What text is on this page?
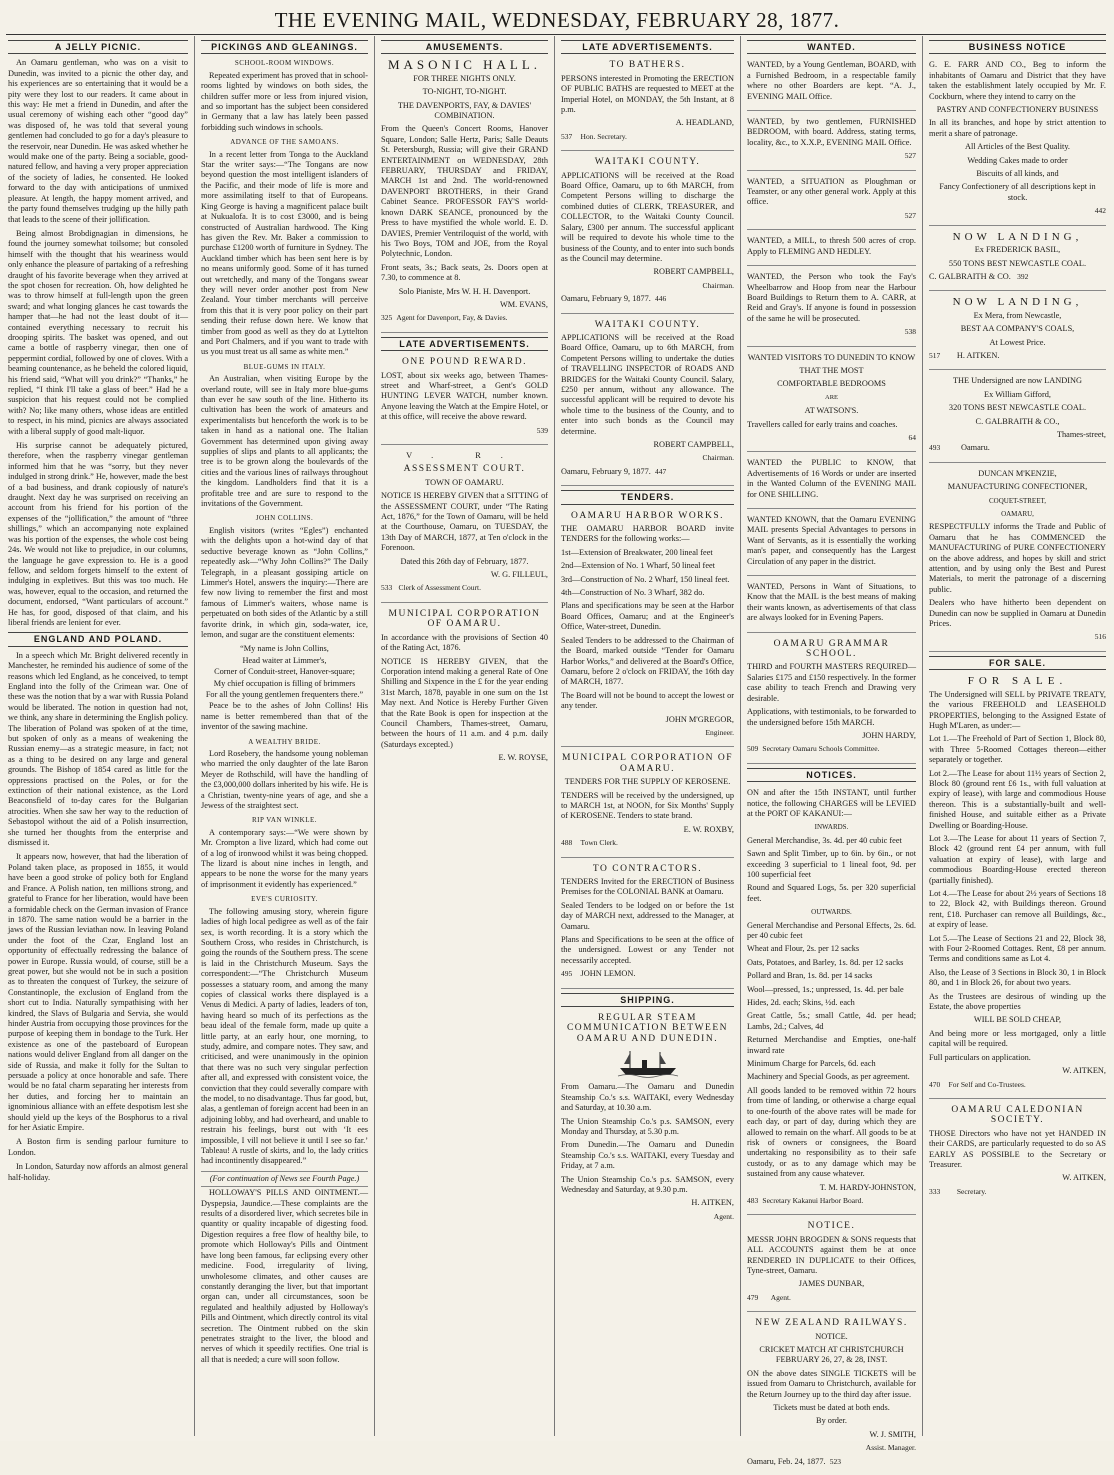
THE EVENING MAIL, WEDNESDAY, FEBRUARY 28, 1877.
A JELLY PICNIC.

An Oamaru gentleman, who was on a visit to Dunedin, was invited to a picnic the other day, and his experiences are so entertaining that it would be a pity were they lost to our readers. It came about in this way: He met a friend in Dunedin, and after the usual ceremony of wishing each other “good day” was disposed of, he was told that several young gentlemen had concluded to go for a day's pleasure to the reservoir, near Dunedin. He was asked whether he would make one of the party. Being a sociable, good-natured fellow, and having a very proper appreciation of the society of ladies, he consented. He looked forward to the day with anticipations of unmixed pleasure. At length, the happy moment arrived, and the party found themselves trudging up the hilly path that leads to the scene of their jollification.

Being almost Brobdignagian in dimensions, he found the journey somewhat toilsome; but consoled himself with the thought that his weariness would only enhance the pleasure of partaking of a refreshing draught of his favorite beverage when they arrived at the spot chosen for recreation. Oh, how delighted he was to throw himself at full-length upon the green sward; and what longing glances he cast towards the hamper that—he had not the least doubt of it—contained everything necessary to recruit his drooping spirits. The basket was opened, and out came a bottle of raspberry vinegar, then one of peppermint cordial, followed by one of cloves. With a beaming countenance, as he beheld the colored liquid, his friend said, “What will you drink?” “Thanks,” he replied, “I think I'll take a glass of beer.” Had he a suspicion that his request could not be complied with? No; like many others, whose ideas are entitled to respect, in his mind, picnics are always associated with a liberal supply of good malt-liquor.

His surprise cannot be adequately pictured, therefore, when the raspberry vinegar gentleman informed him that he was “sorry, but they never indulged in strong drink.” He, however, made the best of a bad business, and drank copiously of nature's draught. Next day he was surprised on receiving an account from his friend for his portion of the expenses of the “jollification,” the amount of “three shillings,” which an accompanying note explained was his portion of the expenses, the whole cost being 24s. We would not like to prejudice, in our columns, the language he gave expression to. He is a good fellow, and seldom forgets himself to the extent of indulging in expletives. But this was too much. He was, however, equal to the occasion, and returned the document, endorsed, “Want particulars of account.” He has, for good, disposed of that claim, and his liberal friends are lenient for ever.

ENGLAND AND POLAND.

In a speech which Mr. Bright delivered recently in Manchester, he reminded his audience of some of the reasons which led England, as he conceived, to tempt England into the folly of the Crimean war. One of these was the notion that by a war with Russia Poland would be liberated. The notion in question had not, we think, any share in determining the English policy. The liberation of Poland was spoken of at the time, but spoken of only as a means of weakening the Russian enemy—as a strategic measure, in fact; not as a thing to be desired on any large and general grounds. The Bishop of 1854 cared as little for the oppressions practised on the Poles, or for the extinction of their national existence, as the Lord Beaconsfield of to-day cares for the Bulgarian atrocities. When she saw her way to the reduction of Sebastopol without the aid of a Polish insurrection, she turned her thoughts from the enterprise and dismissed it.

It appears now, however, that had the liberation of Poland taken place, as proposed in 1855, it would have been a good stroke of policy both for England and France. A Polish nation, ten millions strong, and grateful to France for her liberation, would have been a formidable check on the German invasion of France in 1870. The same nation would be a barrier in the jaws of the Russian leviathan now. In leaving Poland under the foot of the Czar, England lost an opportunity of effectually redressing the balance of power in Europe. Russia would, of course, still be a great power, but she would not be in such a position as to threaten the conquest of Turkey, the seizure of Constantinople, the exclusion of England from the short cut to India. Naturally sympathising with her kindred, the Slavs of Bulgaria and Servia, she would hinder Austria from occupying those provinces for the purpose of keeping them in bondage to the Turk. Her existence as one of the pasteboard of European nations would deliver England from all danger on the side of Russia, and make it folly for the Sultan to persuade a policy at once honorable and safe. There would be no fatal charm separating her interests from her duties, and forcing her to maintain an ignominious alliance with an effete despotism lest she should yield up the keys of the Bosphorus to a rival for her Asiatic Empire.

A Boston firm is sending parlour furniture to London.

In London, Saturday now affords an almost general half-holiday.

PICKINGS AND GLEANINGS.
SCHOOL-ROOM WINDOWS.

Repeated experiment has proved that in school-rooms lighted by windows on both sides, the children suffer more or less from injured vision, and so important has the subject been considered in Germany that a law has lately been passed forbidding such windows in schools.

ADVANCE OF THE SAMOANS.

In a recent letter from Tonga to the Auckland Star the writer says:—“The Tongans are now beyond question the most intelligent islanders of the Pacific, and their mode of life is more and more assimilating itself to that of Europeans. King George is having a magnificent palace built at Nukualofa. It is to cost £3000, and is being constructed of Australian hardwood. The King has given the Rev. Mr. Baker a commission to purchase £1200 worth of furniture in Sydney. The Auckland timber which has been sent here is by no means uniformly good. Some of it has turned out wretchedly, and many of the Tongans swear they will never order another post from New Zealand. Your timber merchants will perceive from this that it is very poor policy on their part sending their refuse down here. We know that timber from good as well as they do at Lyttelton and Port Chalmers, and if you want to trade with us you must treat us all same as white men.”

BLUE-GUMS IN ITALY.

An Australian, when visiting Europe by the overland route, will see in Italy more blue-gums than ever he saw south of the line. Hitherto its cultivation has been the work of amateurs and experimentalists but henceforth the work is to be taken in hand as a national one. The Italian Government has determined upon giving away supplies of slips and plants to all applicants; the tree is to be grown along the boulevards of the cities and the various lines of railways throughout the kingdom. Landholders find that it is a profitable tree and are sure to respond to the invitations of the Government.

JOHN COLLINS.

English visitors (writes “Egles”) enchanted with the delights upon a hot-wind day of that seductive beverage known as “John Collins,” repeatedly ask—“Why John Collins?” The Daily Telegraph, in a pleasant gossiping article on Limmer's Hotel, answers the inquiry:—There are few now living to remember the first and most famous of Limmer's waiters, whose name is perpetuated on both sides of the Atlantic by a still favorite drink, in which gin, soda-water, ice, lemon, and sugar are the constituent elements:

“My name is John Collins,

Head waiter at Limmer's,

Corner of Conduit-street, Hanover-square;

My chief occupation is filling of brimmers

For all the young gentlemen frequenters there.”

Peace be to the ashes of John Collins! His name is better remembered than that of the inventor of the sawing machine.

A WEALTHY BRIDE.

Lord Rosebery, the handsome young nobleman who married the only daughter of the late Baron Meyer de Rothschild, will have the handling of the £3,000,000 dollars inherited by his wife. He is a Christian, twenty-nine years of age, and she a Jewess of the straightest sect.

RIP VAN WINKLE.

A contemporary says:—“We were shown by Mr. Crompton a live lizard, which had come out of a log of ironwood whilst it was being chopped. The lizard is about nine inches in length, and appears to be none the worse for the many years of imprisonment it evidently has experienced.”

EVE'S CURIOSITY.

The following amusing story, wherein figure ladies of high local pedigree as well as of the fair sex, is worth recording. It is a story which the Southern Cross, who resides in Christchurch, is going the rounds of the Southern press. The scene is laid in the Christchurch Museum. Says the correspondent:—“The Christchurch Museum possesses a statuary room, and among the many copies of classical works there displayed is a Venus di Medici. A party of ladies, leaders of ton, having heard so much of its perfections as the beau ideal of the female form, made up quite a little party, at an early hour, one morning, to study, admire, and compare notes. They saw, and criticised, and were unanimously in the opinion that there was no such very singular perfection after all, and expressed with consistent voice, the conviction that they could severally compare with the model, to no disadvantage. Thus far good, but, alas, a gentleman of foreign accent had been in an adjoining lobby, and had overheard, and unable to restrain his feelings, burst out with ‘It ees impossible, I vill not believe it until I see so far.’ Tableau! A rustle of skirts, and lo, the lady critics had incontinently disappeared.”

(For continuation of News see Fourth Page.)

HOLLOWAY'S PILLS AND OINTMENT.—Dyspepsia, Jaundice.—These complaints are the results of a disordered liver, which secretes bile in quantity or quality incapable of digesting food. Digestion requires a free flow of healthy bile, to promote which Holloway's Pills and Ointment have long been famous, far eclipsing every other medicine. Food, irregularity of living, unwholesome climates, and other causes are constantly deranging the liver, but that important organ can, under all circumstances, soon be regulated and healthily adjusted by Holloway's Pills and Ointment, which directly control its vital secretion. The Ointment rubbed on the skin penetrates straight to the liver, the blood and nerves of which it speedily rectifies. One trial is all that is needed; a cure will soon follow.

AMUSEMENTS.

MASONIC HALL.

FOR THREE NIGHTS ONLY.

TO-NIGHT, TO-NIGHT.

THE DAVENPORTS, FAY, & DAVIES' COMBINATION.

From the Queen's Concert Rooms, Hanover Square, London; Salle Hertz, Paris; Salle Deauts St. Petersburgh, Russia; will give their GRAND ENTERTAINMENT on WEDNESDAY, 28th FEBRUARY, THURSDAY and FRIDAY, MARCH 1st and 2nd. The world-renowned DAVENPORT BROTHERS, in their Grand Cabinet Seance. PROFESSOR FAY'S world-known DARK SEANCE, pronounced by the Press to have mystified the whole world. E. D. DAVIES, Premier Ventriloquist of the world, with his Two Boys, TOM and JOE, from the Royal Polytechnic, London.

Front seats, 3s.; Back seats, 2s. Doors open at 7.30, to commence at 8.

Solo Pianiste, Mrs W. H. H. Davenport.

WM. EVANS,

325 Agent for Davenport, Fay, & Davies.

LATE ADVERTISEMENTS.

ONE POUND REWARD.

LOST, about six weeks ago, between Thames-street and Wharf-street, a Gent's GOLD HUNTING LEVER WATCH, number known. Anyone leaving the Watch at the Empire Hotel, or at this office, will receive the above reward.

539

V. R.

ASSESSMENT COURT.

TOWN OF OAMARU.

NOTICE IS HEREBY GIVEN that a SITTING of the ASSESSMENT COURT, under “The Rating Act, 1876,” for the Town of Oamaru, will be held at the Courthouse, Oamaru, on TUESDAY, the 13th Day of MARCH, 1877, at Ten o'clock in the Forenoon.

Dated this 26th day of February, 1877.

W. G. FILLEUL,

533 Clerk of Assessment Court.

MUNICIPAL CORPORATION OF OAMARU.

In accordance with the provisions of Section 40 of the Rating Act, 1876.

NOTICE IS HEREBY GIVEN, that the Corporation intend making a general Rate of One Shilling and Sixpence in the £ for the year ending 31st March, 1878, payable in one sum on the 1st May next. And Notice is Hereby Further Given that the Rate Book is open for inspection at the Council Chambers, Thames-street, Oamaru, between the hours of 11 a.m. and 4 p.m. daily (Saturdays excepted.)

E. W. ROYSE,

LATE ADVERTISEMENTS.

TO BATHERS.

PERSONS interested in Promoting the ERECTION OF PUBLIC BATHS are requested to MEET at the Imperial Hotel, on MONDAY, the 5th Instant, at 8 p.m.

A. HEADLAND,

537 Hon. Secretary.

WAITAKI COUNTY.

APPLICATIONS will be received at the Road Board Office, Oamaru, up to 6th MARCH, from Competent Persons willing to discharge the combined duties of CLERK, TREASURER, and COLLECTOR, to the Waitaki County Council. Salary, £300 per annum. The successful applicant will be required to devote his whole time to the business of the County, and to enter into such bonds as the Council may determine.

ROBERT CAMPBELL,

Chairman.

Oamaru, February 9, 1877. 446

WAITAKI COUNTY.

APPLICATIONS will be received at the Road Board Office, Oamaru, up to 6th MARCH, from Competent Persons willing to undertake the duties of TRAVELLING INSPECTOR of ROADS AND BRIDGES for the Waitaki County Council. Salary, £250 per annum, without any allowance. The successful applicant will be required to devote his whole time to the business of the County, and to enter into such bonds as the Council may determine.

ROBERT CAMPBELL,

Chairman.

Oamaru, February 9, 1877. 447

TENDERS.

OAMARU HARBOR WORKS.

THE OAMARU HARBOR BOARD invite TENDERS for the following works:—

1st—Extension of Breakwater, 200 lineal feet

2nd—Extension of No. 1 Wharf, 50 lineal feet

3rd—Construction of No. 2 Wharf, 150 lineal feet.

4th—Construction of No. 3 Wharf, 382 do.

Plans and specifications may be seen at the Harbor Board Offices, Oamaru; and at the Engineer's Office, Water-street, Dunedin.

Sealed Tenders to be addressed to the Chairman of the Board, marked outside “Tender for Oamaru Harbor Works,” and delivered at the Board's Office, Oamaru, before 2 o'clock on FRIDAY, the 16th day of MARCH, 1877.

The Board will not be bound to accept the lowest or any tender.

JOHN M'GREGOR,

Engineer.

MUNICIPAL CORPORATION OF OAMARU.

TENDERS FOR THE SUPPLY OF KEROSENE.

TENDERS will be received by the undersigned, up to MARCH 1st, at NOON, for Six Months' Supply of KEROSENE. Tenders to state brand.

E. W. ROXBY,

488 Town Clerk.

TO CONTRACTORS.

TENDERS Invited for the ERECTION of Business Premises for the COLONIAL BANK at Oamaru.

Sealed Tenders to be lodged on or before the 1st day of MARCH next, addressed to the Manager, at Oamaru.

Plans and Specifications to be seen at the office of the undersigned. Lowest or any Tender not necessarily accepted.

495 JOHN LEMON.

SHIPPING.

REGULAR STEAM COMMUNICATION BETWEEN OAMARU AND DUNEDIN.

From Oamaru.—The Oamaru and Dunedin Steamship Co.'s s.s. WAITAKI, every Wednesday and Saturday, at 10.30 a.m.

The Union Steamship Co.'s p.s. SAMSON, every Monday and Thursday, at 5.30 p.m.

From Dunedin.—The Oamaru and Dunedin Steamship Co.'s s.s. WAITAKI, every Tuesday and Friday, at 7 a.m.

The Union Steamship Co.'s p.s. SAMSON, every Wednesday and Saturday, at 9.30 p.m.

H. AITKEN,

Agent.

WANTED.

WANTED, by a Young Gentleman, BOARD, with a Furnished Bedroom, in a respectable family where no other Boarders are kept. “A. J., EVENING MAIL Office.

WANTED, by two gentlemen, FURNISHED BEDROOM, with board. Address, stating terms, locality, &c., to X.X.P., EVENING MAIL Office.

527

WANTED, a SITUATION as Ploughman or Teamster, or any other general work. Apply at this office.

527

WANTED, a MILL, to thresh 500 acres of crop. Apply to FLEMING AND HEDLEY.

WANTED, the Person who took the Fay's Wheelbarrow and Hoop from near the Harbour Board Buildings to Return them to A. CARR, at Reid and Gray's. If anyone is found in possession of the same he will be prosecuted.

538

WANTED VISITORS TO DUNEDIN TO KNOW

THAT THE MOST

COMFORTABLE BEDROOMS

ARE

AT WATSON'S.

Travellers called for early trains and coaches.

64

WANTED the PUBLIC to KNOW, that Advertisements of 16 Words or under are inserted in the Wanted Column of the EVENING MAIL for ONE SHILLING.

WANTED KNOWN, that the Oamaru EVENING MAIL presents Special Advantages to persons in Want of Servants, as it is essentially the working man's paper, and consequently has the Largest Circulation of any paper in the district.

WANTED, Persons in Want of Situations, to Know that the MAIL is the best means of making their wants known, as advertisements of that class are always looked for in Evening Papers.

OAMARU GRAMMAR SCHOOL.

THIRD and FOURTH MASTERS REQUIRED—Salaries £175 and £150 respectively. In the former case ability to teach French and Drawing very desirable.

Applications, with testimonials, to be forwarded to the undersigned before 15th MARCH.

JOHN HARDY,

509 Secretary Oamaru Schools Committee.

NOTICES.

ON and after the 15th INSTANT, until further notice, the following CHARGES will be LEVIED at the PORT OF KAKANUI:—

INWARDS.

General Merchandise, 3s. 4d. per 40 cubic feet

Sawn and Split Timber, up to 6in. by 6in., or not exceeding 3 superficial to 1 lineal foot, 9d. per 100 superficial feet

Round and Squared Logs, 5s. per 320 superficial feet.

OUTWARDS.

General Merchandise and Personal Effects, 2s. 6d. per 40 cubic feet

Wheat and Flour, 2s. per 12 sacks

Oats, Potatoes, and Barley, 1s. 8d. per 12 sacks

Pollard and Bran, 1s. 8d. per 14 sacks

Wool—pressed, 1s.; unpressed, 1s. 4d. per bale

Hides, 2d. each; Skins, ½d. each

Great Cattle, 5s.; small Cattle, 4d. per head; Lambs, 2d.; Calves, 4d

Returned Merchandise and Empties, one-half inward rate

Minimum Charge for Parcels, 6d. each

Machinery and Special Goods, as per agreement.

All goods landed to be removed within 72 hours from time of landing, or otherwise a charge equal to one-fourth of the above rates will be made for each day, or part of day, during which they are allowed to remain on the wharf. All goods to be at risk of owners or consignees, the Board undertaking no responsibility as to their safe custody, or as to any damage which may be sustained from any cause whatever.

T. M. HARDY-JOHNSTON,

483 Secretary Kakanui Harbor Board.

NOTICE.

MESSR JOHN BROGDEN & SONS requests that ALL ACCOUNTS against them be at once RENDERED IN DUPLICATE to their Offices, Tyne-street, Oamaru.

JAMES DUNBAR,

479 Agent.

NEW ZEALAND RAILWAYS.

NOTICE.

CRICKET MATCH AT CHRISTCHURCH FEBRUARY 26, 27, & 28, INST.

ON the above dates SINGLE TICKETS will be issued from Oamaru to Christchurch, available for the Return Journey up to the third day after issue.

Tickets must be dated at both ends.

By order.

W. J. SMITH,

Assist. Manager.

Oamaru, Feb. 24, 1877. 523

BUSINESS NOTICE

G. E. FARR AND CO., Beg to inform the inhabitants of Oamaru and District that they have taken the establishment lately occupied by Mr. F. Cockburn, where they intend to carry on the

PASTRY AND CONFECTIONERY BUSINESS

In all its branches, and hope by strict attention to merit a share of patronage.

All Articles of the Best Quality.

Wedding Cakes made to order

Biscuits of all kinds, and

Fancy Confectionery of all descriptions kept in stock.

442

NOW LANDING,

Ex FREDERICK BASIL,

550 TONS BEST NEWCASTLE COAL.

C. GALBRAITH & CO. 392

NOW LANDING,

Ex Mera, from Newcastle,

BEST AA COMPANY'S COALS,

At Lowest Price.

517 H. AITKEN.

THE Undersigned are now LANDING

Ex William Gifford,

320 TONS BEST NEWCASTLE COAL.

C. GALBRAITH & CO.,

Thames-street,

493	Oamaru.

DUNCAN M'KENZIE,

MANUFACTURING CONFECTIONER,

COQUET-STREET,

OAMARU,

RESPECTFULLY informs the Trade and Public of Oamaru that he has COMMENCED the MANUFACTURING of PURE CONFECTIONERY on the above address, and hopes by skill and strict attention, and by using only the Best and Purest Materials, to merit the patronage of a discerning public.

Dealers who have hitherto been dependent on Dunedin can now be supplied in Oamaru at Dunedin Prices.

516

FOR SALE.

FOR SALE.

The Undersigned will SELL by PRIVATE TREATY, the various FREEHOLD and LEASEHOLD PROPERTIES, belonging to the Assigned Estate of Hugh M'Laren, as under:—

Lot 1.—The Freehold of Part of Section 1, Block 80, with Three 5-Roomed Cottages thereon—either separately or together.

Lot 2.—The Lease for about 11½ years of Section 2, Block 80 (ground rent £6 1s., with full valuation at expiry of lease), with large and commodious House thereon. This is a substantially-built and well-finished House, and suitable either as a Private Dwelling or Boarding-House.

Lot 3.—The Lease for about 11 years of Section 7, Block 42 (ground rent £4 per annum, with full valuation at expiry of lease), with large and commodious Boarding-House erected thereon (partially finished).

Lot 4.—The Lease for about 2½ years of Sections 18 to 22, Block 42, with Buildings thereon. Ground rent, £18. Purchaser can remove all Buildings, &c., at expiry of lease.

Lot 5.—The Lease of Sections 21 and 22, Block 38, with Four 2-Roomed Cottages. Rent, £8 per annum. Terms and conditions same as Lot 4.

Also, the Lease of 3 Sections in Block 30, 1 in Block 80, and 1 in Block 26, for about two years.

As the Trustees are desirous of winding up the Estate, the above properties

WILL BE SOLD CHEAP,

And being more or less mortgaged, only a little capital will be required.

Full particulars on application.

W. AITKEN,

470 For Self and Co-Trustees.

OAMARU CALEDONIAN SOCIETY.

THOSE Directors who have not yet HANDED IN their CARDS, are particularly requested to do so AS EARLY AS POSSIBLE to the Secretary or Treasurer.

W. AITKEN,

333 Secretary.
